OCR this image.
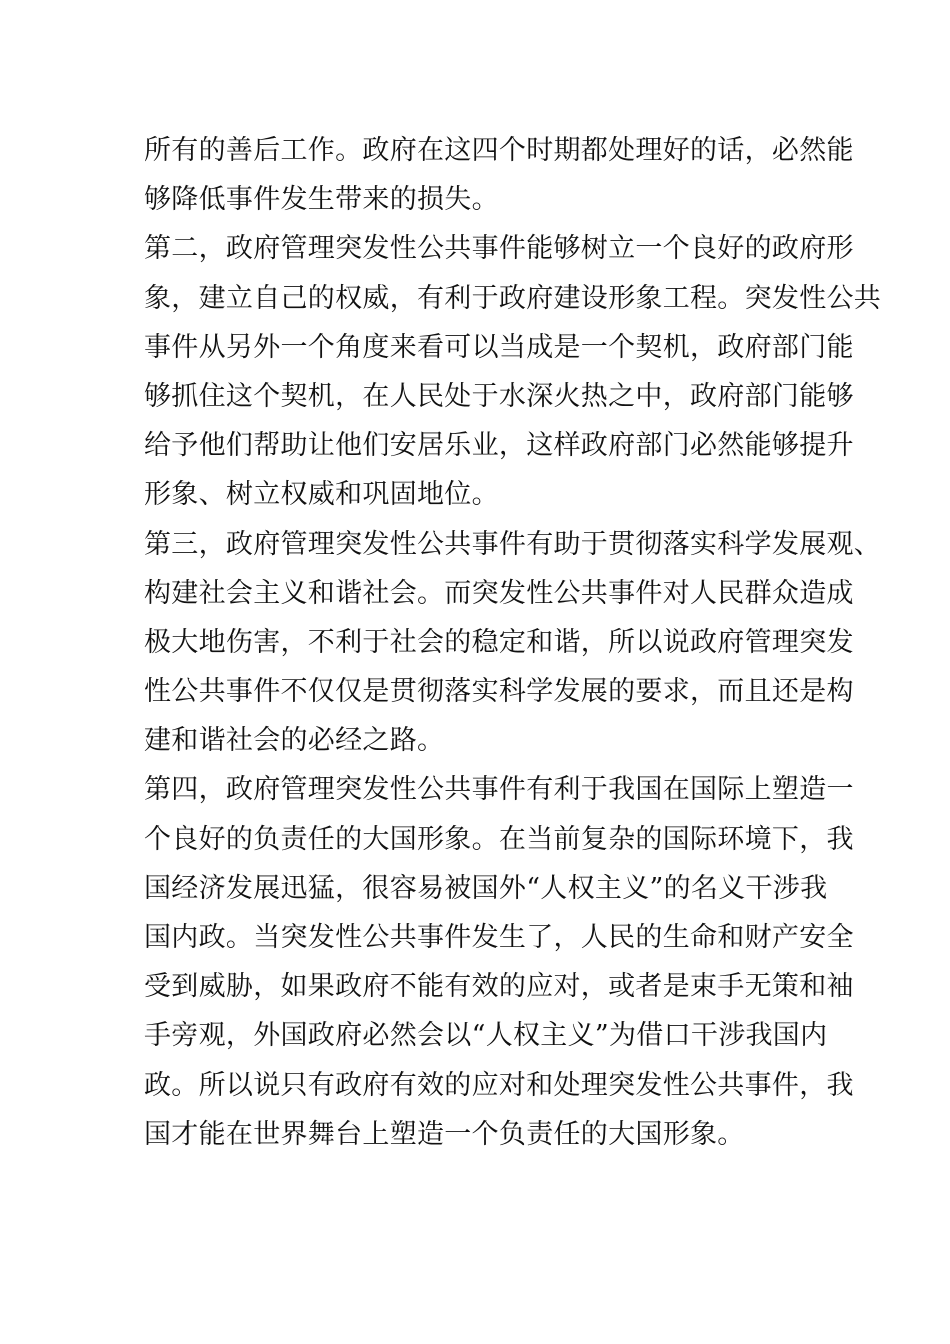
所有的善后工作。政府在这四个时期都处理好的话，必然能
够降低事件发生带来的损失。
第二，政府管理突发性公共事件能够树立一个良好的政府形
象，建立自己的权威，有利于政府建设形象工程。突发性公共
事件从另外一个角度来看可以当成是一个契机，政府部门能
够抓住这个契机，在人民处于水深火热之中，政府部门能够
给予他们帮助让他们安居乐业，这样政府部门必然能够提升
形象、树立权威和巩固地位。
第三，政府管理突发性公共事件有助于贯彻落实科学发展观、
构建社会主义和谐社会。而突发性公共事件对人民群众造成
极大地伤害，不利于社会的稳定和谐，所以说政府管理突发
性公共事件不仅仅是贯彻落实科学发展的要求，而且还是构
建和谐社会的必经之路。
第四，政府管理突发性公共事件有利于我国在国际上塑造一
个良好的负责任的大国形象。在当前复杂的国际环境下，我
国经济发展迅猛，很容易被国外“人权主义”的名义干涉我
国内政。当突发性公共事件发生了，人民的生命和财产安全
受到威胁，如果政府不能有效的应对，或者是束手无策和袖
手旁观，外国政府必然会以“人权主义”为借口干涉我国内
政。所以说只有政府有效的应对和处理突发性公共事件，我
国才能在世界舞台上塑造一个负责任的大国形象。
